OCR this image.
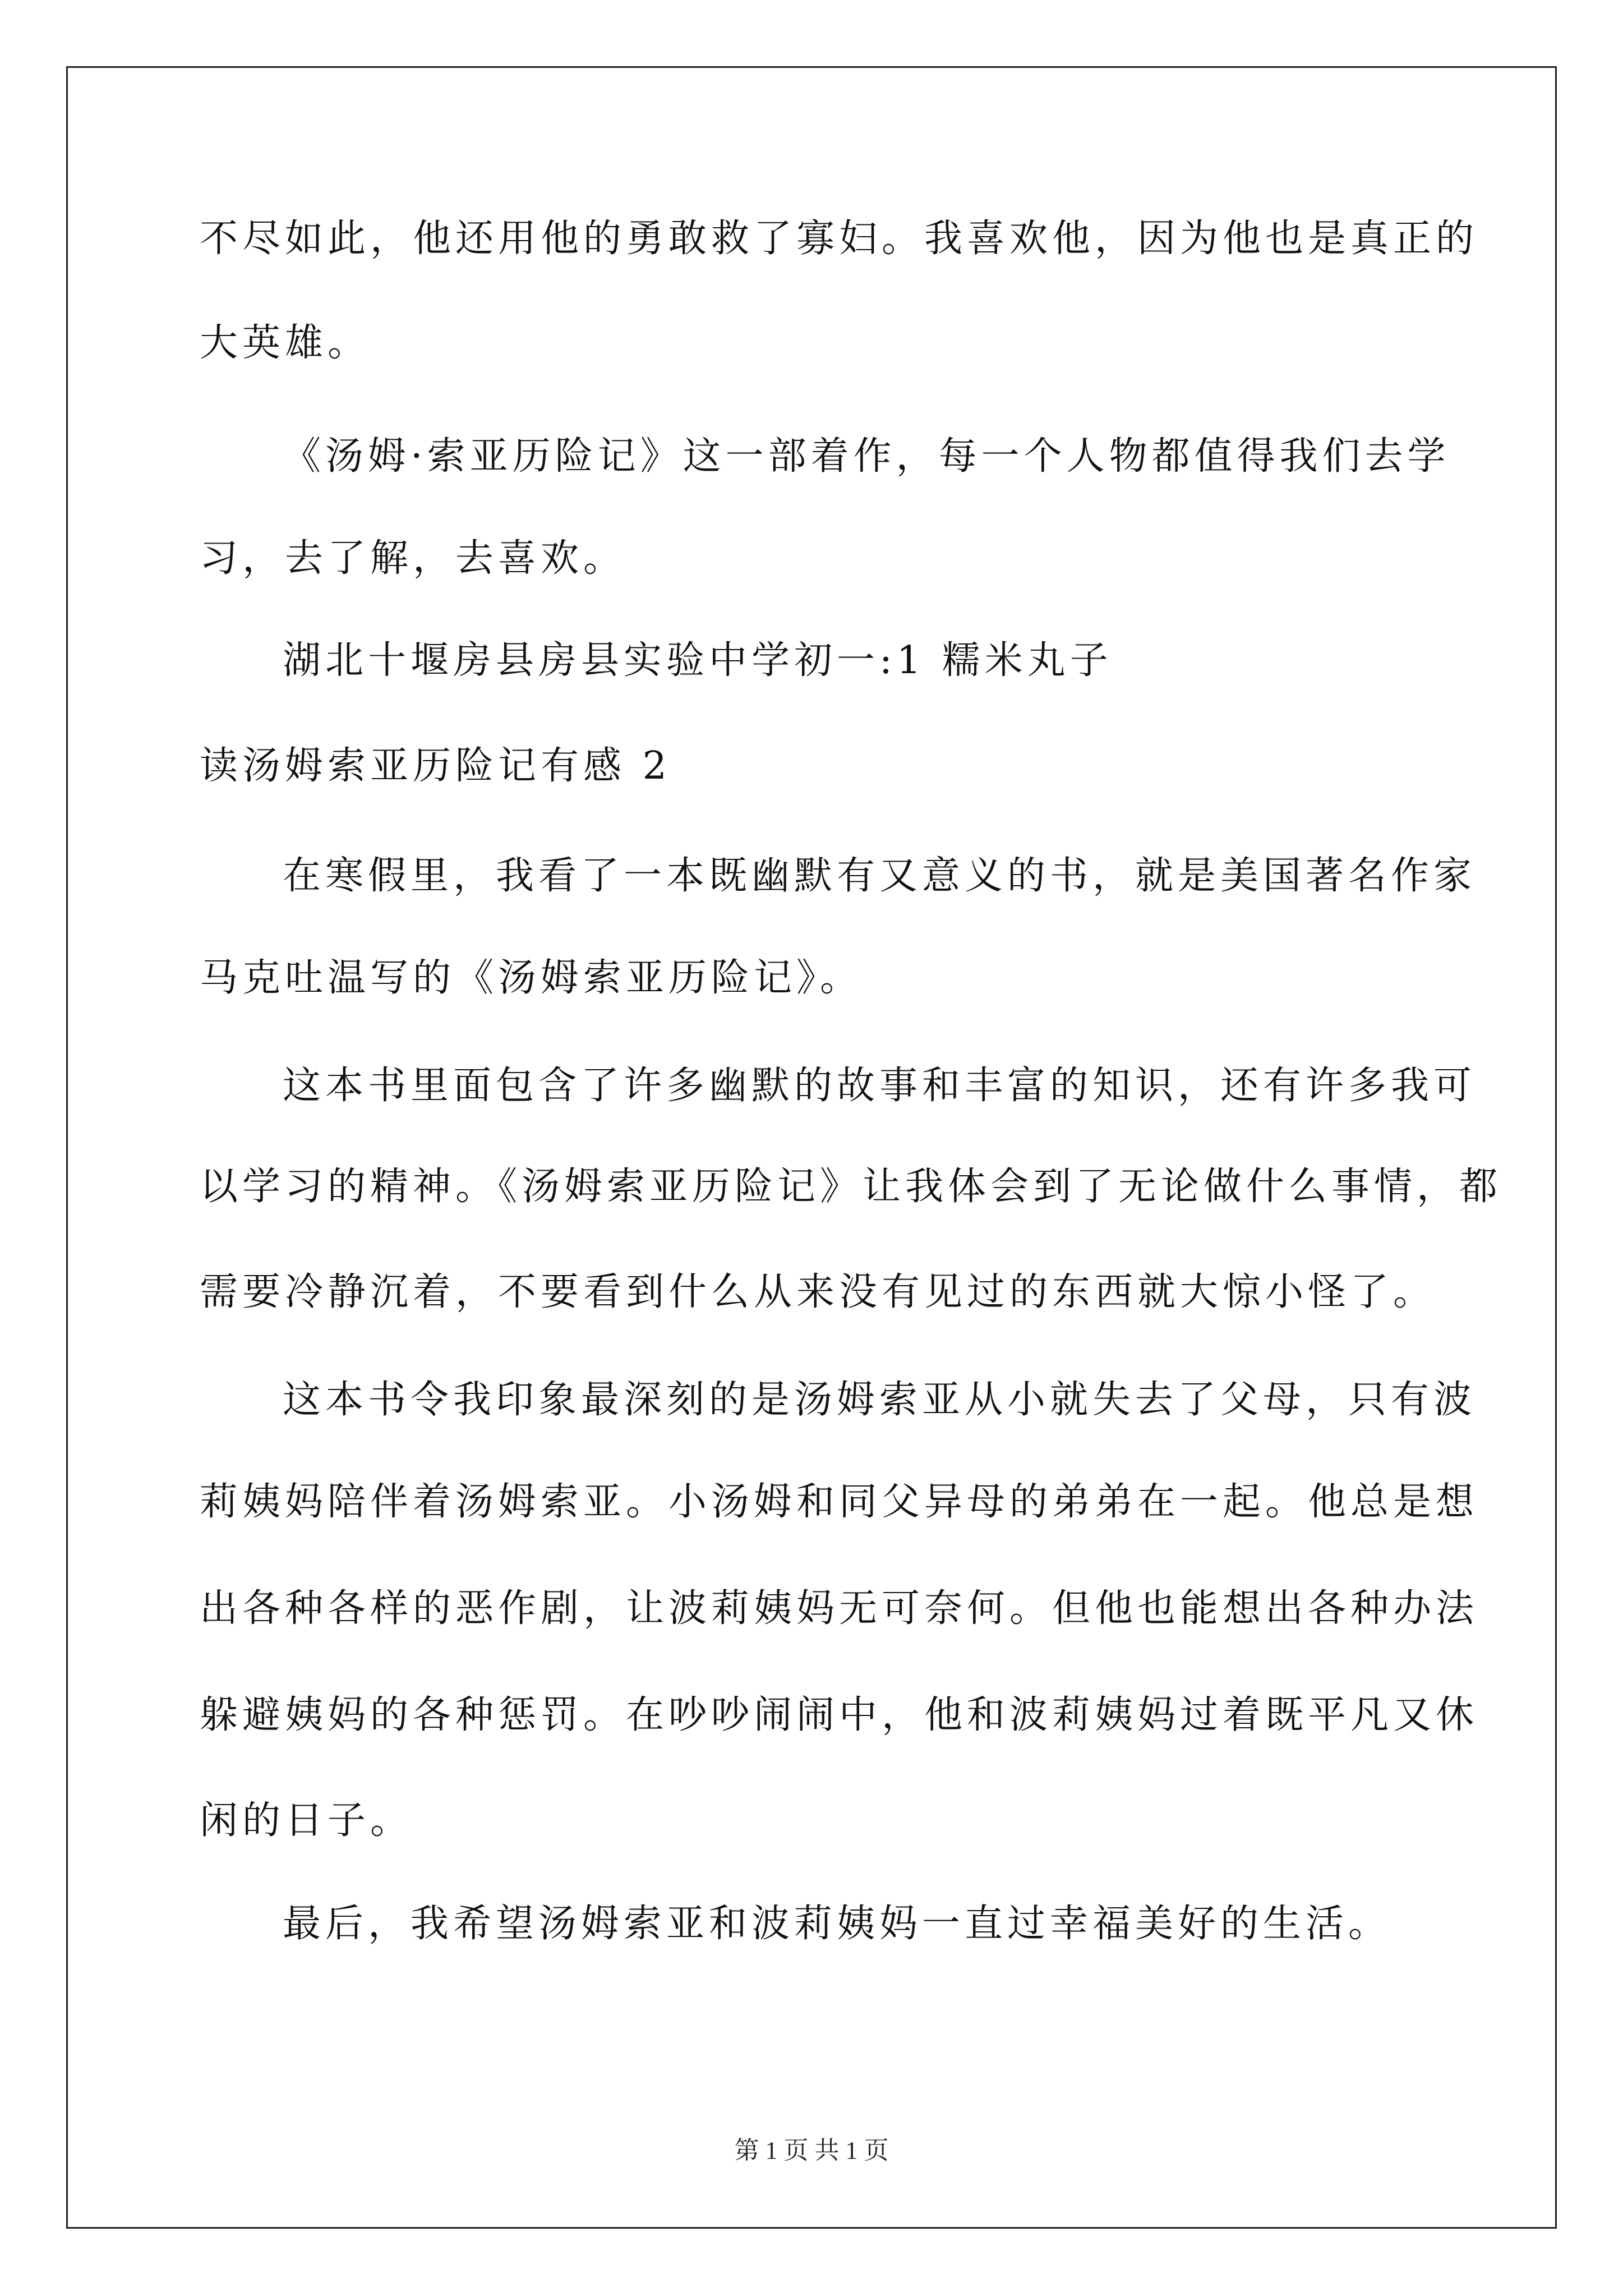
不尽如此，他还用他的勇敢救了寡妇。我喜欢他，因为他也是真正的
大英雄。
《汤姆·索亚历险记》这一部着作，每一个人物都值得我们去学
习，去了解，去喜欢。
湖北十堰房县房县实验中学初一:1 糯米丸子
读汤姆索亚历险记有感 2
在寒假里，我看了一本既幽默有又意义的书，就是美国著名作家
马克吐温写的《汤姆索亚历险记》。
这本书里面包含了许多幽默的故事和丰富的知识，还有许多我可
以学习的精神。《汤姆索亚历险记》让我体会到了无论做什么事情，都
需要冷静沉着，不要看到什么从来没有见过的东西就大惊小怪了。
这本书令我印象最深刻的是汤姆索亚从小就失去了父母，只有波
莉姨妈陪伴着汤姆索亚。小汤姆和同父异母的弟弟在一起。他总是想
出各种各样的恶作剧，让波莉姨妈无可奈何。但他也能想出各种办法
躲避姨妈的各种惩罚。在吵吵闹闹中，他和波莉姨妈过着既平凡又休
闲的日子。
最后，我希望汤姆索亚和波莉姨妈一直过幸福美好的生活。
第 1 页 共 1 页
